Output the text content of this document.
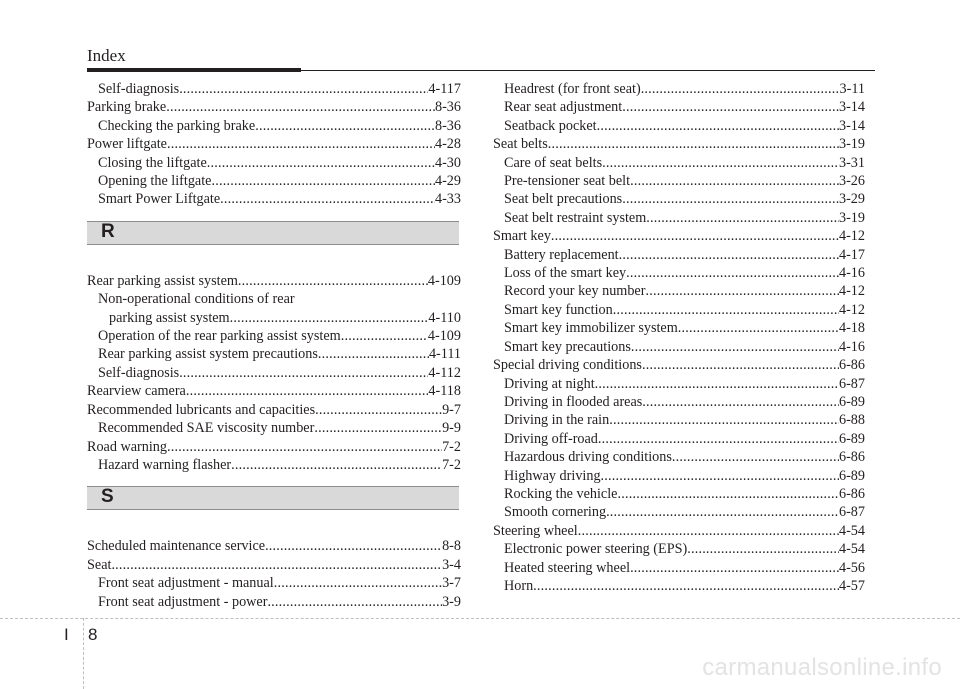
Index
Self-diagnosis .....	4-117
Parking brake .....	8-36
Checking the parking brake .....	8-36
Power liftgate .....	4-28
Closing the liftgate .....	4-30
Opening the liftgate .....	4-29
Smart Power Liftgate .....	4-33
R
Rear parking assist system .....	4-109
Non-operational conditions of rear
parking assist system .....	4-110
Operation of the rear parking assist system .....	4-109
Rear parking assist system precautions .....	4-111
Self-diagnosis .....	4-112
Rearview camera .....	4-118
Recommended lubricants and capacities .....	9-7
Recommended SAE viscosity number .....	9-9
Road warning .....	7-2
Hazard warning flasher .....	7-2
S
Scheduled maintenance service .....	8-8
Seat .....	3-4
Front seat adjustment - manual .....	3-7
Front seat adjustment - power .....	3-9
Headrest (for front seat) .....	3-11
Rear seat adjustment .....	3-14
Seatback pocket .....	3-14
Seat belts .....	3-19
Care of seat belts .....	3-31
Pre-tensioner seat belt .....	3-26
Seat belt precautions .....	3-29
Seat belt restraint system .....	3-19
Smart key .....	4-12
Battery replacement .....	4-17
Loss of the smart key .....	4-16
Record your key number .....	4-12
Smart key function .....	4-12
Smart key immobilizer system .....	4-18
Smart key precautions .....	4-16
Special driving conditions .....	6-86
Driving at night .....	6-87
Driving in flooded areas .....	6-89
Driving in the rain .....	6-88
Driving off-road .....	6-89
Hazardous driving conditions .....	6-86
Highway driving .....	6-89
Rocking the vehicle .....	6-86
Smooth cornering .....	6-87
Steering wheel .....	4-54
Electronic power steering (EPS) .....	4-54
Heated steering wheel .....	4-56
Horn .....	4-57
I 8
carmanualsonline.info
